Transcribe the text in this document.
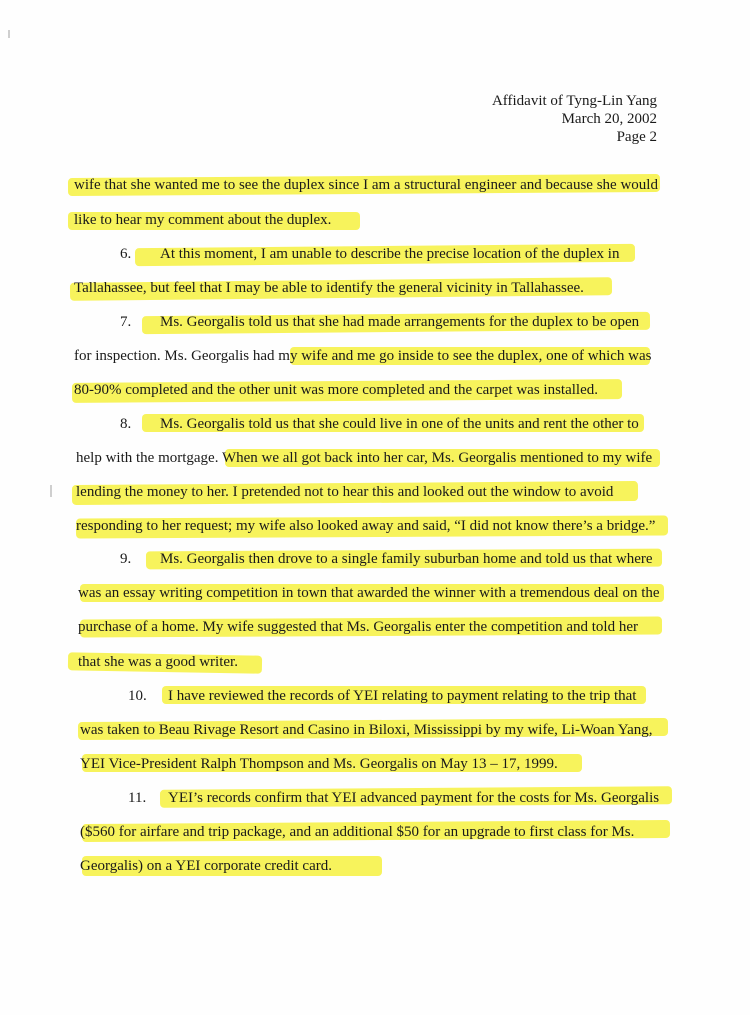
Affidavit of Tyng-Lin Yang
March 20, 2002
Page 2
wife that she wanted me to see the duplex since I am a structural engineer and because she would
like to hear my comment about the duplex.
6. At this moment, I am unable to describe the precise location of the duplex in
Tallahassee, but feel that I may be able to identify the general vicinity in Tallahassee.
7. Ms. Georgalis told us that she had made arrangements for the duplex to be open
for inspection. Ms. Georgalis had my wife and me go inside to see the duplex, one of which was
80-90% completed and the other unit was more completed and the carpet was installed.
8. Ms. Georgalis told us that she could live in one of the units and rent the other to
help with the mortgage. When we all got back into her car, Ms. Georgalis mentioned to my wife
lending the money to her. I pretended not to hear this and looked out the window to avoid
responding to her request; my wife also looked away and said, “I did not know there’s a bridge.”
9. Ms. Georgalis then drove to a single family suburban home and told us that where
was an essay writing competition in town that awarded the winner with a tremendous deal on the
purchase of a home. My wife suggested that Ms. Georgalis enter the competition and told her
that she was a good writer.
10. I have reviewed the records of YEI relating to payment relating to the trip that
was taken to Beau Rivage Resort and Casino in Biloxi, Mississippi by my wife, Li-Woan Yang,
YEI Vice-President Ralph Thompson and Ms. Georgalis on May 13 – 17, 1999.
11. YEI’s records confirm that YEI advanced payment for the costs for Ms. Georgalis
($560 for airfare and trip package, and an additional $50 for an upgrade to first class for Ms.
Georgalis) on a YEI corporate credit card.
